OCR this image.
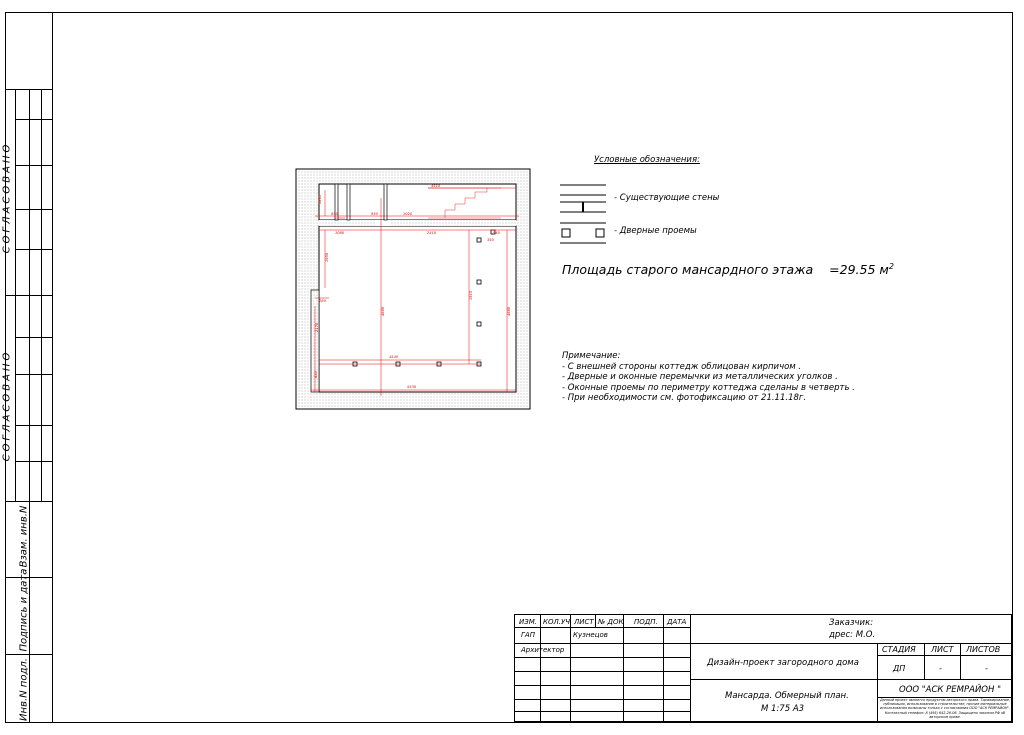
СОГЛАСОВАНО
СОГЛАСОВАНО
Взам. инв.N
Подпись и дата
Инв.N подл.
1245
4510
1020
830	930
1080	2410	940
350
1950
4680
1915
4680
280
2170
4540
5530
830
Условные обозначения:
- Существующие стены
- Дверные проемы
Площадь старого мансардного этажа =29.55 $м^2$
Примечание:
- С внешней стороны коттедж облицован кирпичом .
- Дверные и оконные перемычки из металлических уголков .
- Оконные проемы по периметру коттеджа сделаны в четверть .
- При необходимости см. фотофиксацию от 21.11.18г.
ИЗМ. КОЛ.УЧ ЛИСТ № ДОК ПОДП. ДАТА
ГАП	Кузнецов
Архитектор
Заказчик:
дрес: М.О.
Дизайн-проект загородного дома
Мансарда. Обмерный план.
М 1:75 А3
СТАДИЯ ЛИСТ ЛИСТОВ
ДП	-	-
ООО "АСК РЕМРАЙОН "
Данный проект является продуктом авторского права. Тиражирование, публикация, использование в строительстве, прочие материальные использования возможны только с согласования ООО "АСК РЕМРАЙОН". Контактный телефон: 8 (495) 642-26-06. Защищено законом РФ об авторском праве.
